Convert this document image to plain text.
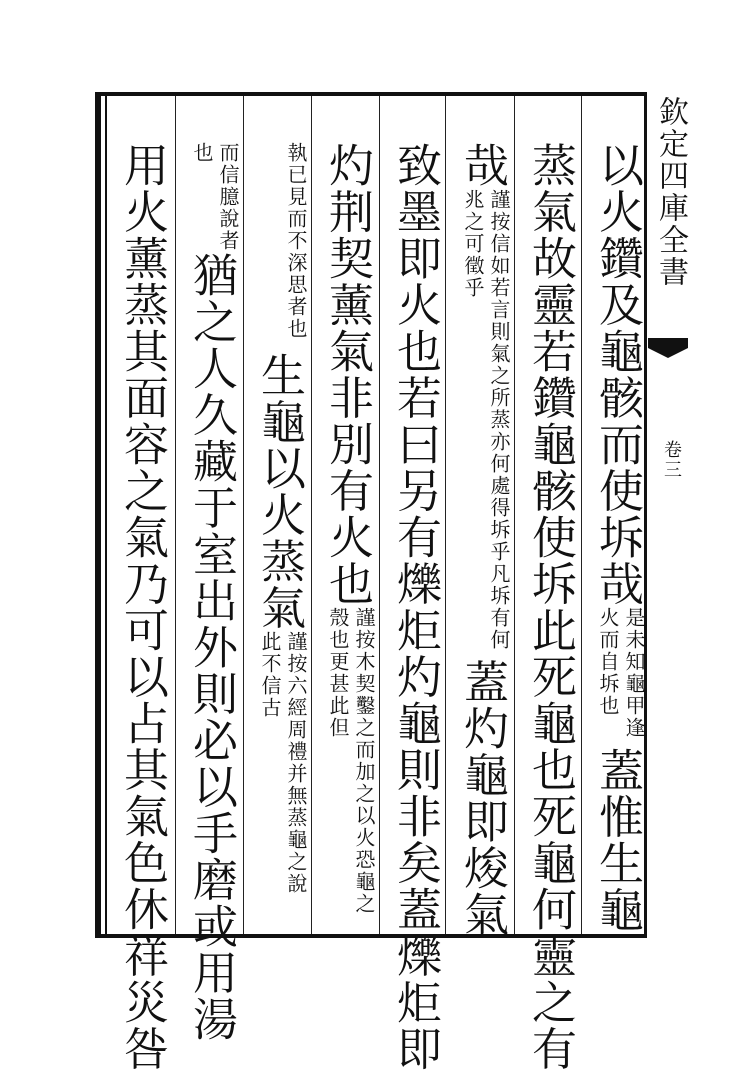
欽定四庫全書
卷三
以火鑽及龜骸而使坼哉是未知龜甲逢火而自坼也蓋惟生龜
蒸氣故靈若鑽龜骸使坼此死龜也死龜何靈之有
哉謹按信如若言則氣之所蒸亦何處得坼乎凡坼有何兆之可徵乎蓋灼龜即焌氣
致墨即火也若曰另有爍炬灼龜則非矣蓋爍炬即
灼荆契薰氣非別有火也謹按木契鑿之而加之以火恐龜之殼也更甚此但
執已見而不深思者也生龜以火蒸氣謹按六經周禮并無蒸龜之說此不信古
而信臆說者也猶之人久藏于室出外則必以手磨或用湯
用火薰蒸其面容之氣乃可以占其氣色休祥災咎
